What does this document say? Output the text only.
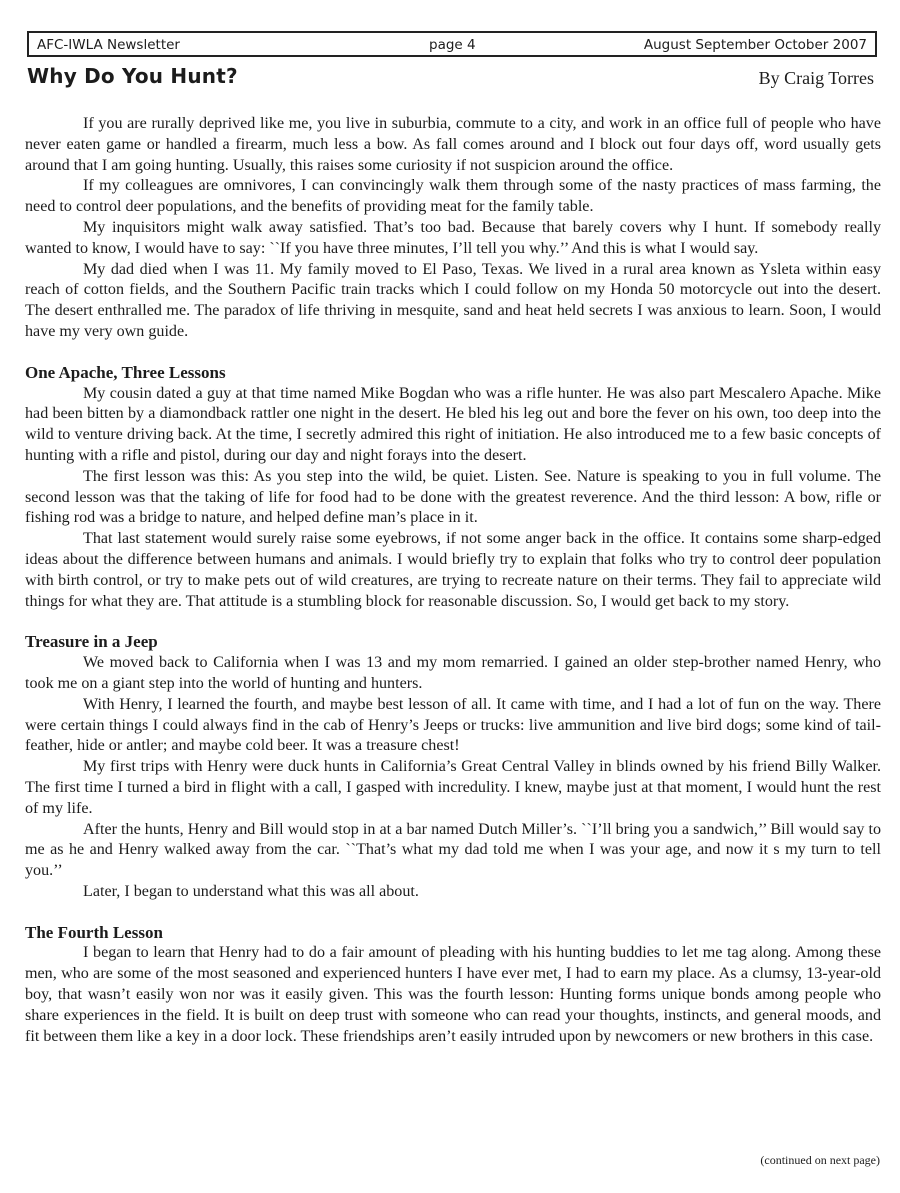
AFC-IWLA Newsletter	page 4	August September October 2007
Why Do You Hunt?	By Craig Torres

If you are rurally deprived like me, you live in suburbia, commute to a city, and work in an office full of people who have never eaten game or handled a firearm, much less a bow. As fall comes around and I block out four days off, word usually gets around that I am going hunting. Usually, this raises some curiosity if not suspicion around the office.

If my colleagues are omnivores, I can convincingly walk them through some of the nasty practices of mass farming, the need to control deer populations, and the benefits of providing meat for the family table.

My inquisitors might walk away satisfied. That’s too bad. Because that barely covers why I hunt. If somebody really wanted to know, I would have to say: ``If you have three minutes, I’ll tell you why.’’ And this is what I would say.

My dad died when I was 11. My family moved to El Paso, Texas. We lived in a rural area known as Ysleta within easy reach of cotton fields, and the Southern Pacific train tracks which I could follow on my Honda 50 motorcycle out into the desert. The desert enthralled me. The paradox of life thriving in mesquite, sand and heat held secrets I was anxious to learn. Soon, I would have my very own guide.

One Apache, Three Lessons

My cousin dated a guy at that time named Mike Bogdan who was a rifle hunter. He was also part Mescalero Apache. Mike had been bitten by a diamondback rattler one night in the desert. He bled his leg out and bore the fever on his own, too deep into the wild to venture driving back. At the time, I secretly admired this right of initiation. He also introduced me to a few basic concepts of hunting with a rifle and pistol, during our day and night forays into the desert.

The first lesson was this: As you step into the wild, be quiet. Listen. See. Nature is speaking to you in full volume. The second lesson was that the taking of life for food had to be done with the greatest reverence. And the third lesson: A bow, rifle or fishing rod was a bridge to nature, and helped define man’s place in it.

That last statement would surely raise some eyebrows, if not some anger back in the office. It contains some sharp-edged ideas about the difference between humans and animals. I would briefly try to explain that folks who try to control deer population with birth control, or try to make pets out of wild creatures, are trying to recreate nature on their terms. They fail to appreciate wild things for what they are. That attitude is a stumbling block for reasonable discussion. So, I would get back to my story.

Treasure in a Jeep

We moved back to California when I was 13 and my mom remarried. I gained an older step-brother named Henry, who took me on a giant step into the world of hunting and hunters.

With Henry, I learned the fourth, and maybe best lesson of all. It came with time, and I had a lot of fun on the way. There were certain things I could always find in the cab of Henry’s Jeeps or trucks: live ammunition and live bird dogs; some kind of tail-feather, hide or antler; and maybe cold beer. It was a treasure chest!

My first trips with Henry were duck hunts in California’s Great Central Valley in blinds owned by his friend Billy Walker. The first time I turned a bird in flight with a call, I gasped with incredulity. I knew, maybe just at that moment, I would hunt the rest of my life.

After the hunts, Henry and Bill would stop in at a bar named Dutch Miller’s. ``I’ll bring you a sandwich,’’ Bill would say to me as he and Henry walked away from the car. ``That’s what my dad told me when I was your age, and now it s my turn to tell you.’’

Later, I began to understand what this was all about.

The Fourth Lesson

I began to learn that Henry had to do a fair amount of pleading with his hunting buddies to let me tag along. Among these men, who are some of the most seasoned and experienced hunters I have ever met, I had to earn my place. As a clumsy, 13-year-old boy, that wasn’t easily won nor was it easily given. This was the fourth lesson: Hunting forms unique bonds among people who share experiences in the field. It is built on deep trust with someone who can read your thoughts, instincts, and general moods, and fit between them like a key in a door lock. These friendships aren’t easily intruded upon by newcomers or new brothers in this case.

(continued on next page)
